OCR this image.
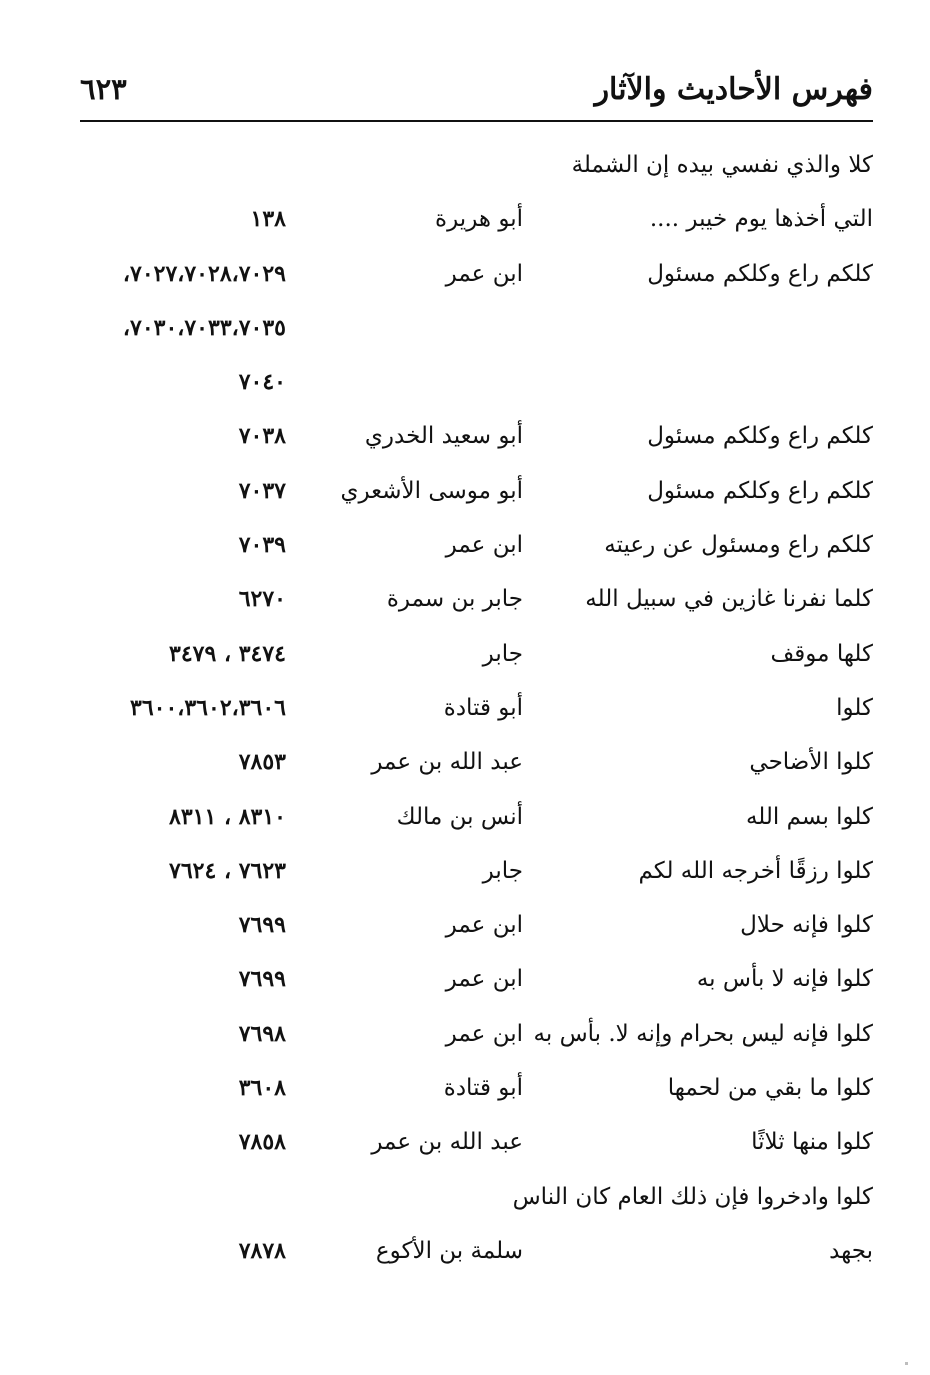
فهرس الأحاديث والآثار
٦٢٣
كلا والذي نفسي بيده إن الشملة
التي أخذها يوم خيبر ....
أبو هريرة
١٣٨
كلكم راع وكلكم مسئول
ابن عمر
٧٠٢٧،٧٠٢٨،٧٠٢٩،
٧٠٣٠،٧٠٣٣،٧٠٣٥،
٧٠٤٠
كلكم راع وكلكم مسئول
أبو سعيد الخدري
٧٠٣٨
كلكم راع وكلكم مسئول
أبو موسى الأشعري
٧٠٣٧
كلكم راع ومسئول عن رعيته
ابن عمر
٧٠٣٩
كلما نفرنا غازين في سبيل الله
جابر بن سمرة
٦٢٧٠
كلها موقف
جابر
٣٤٧٤ ، ٣٤٧٩
كلوا
أبو قتادة
٣٦٠٠،٣٦٠٢،٣٦٠٦
كلوا الأضاحي
عبد الله بن عمر
٧٨٥٣
كلوا بسم الله
أنس بن مالك
٨٣١٠ ، ٨٣١١
كلوا رزقًا أخرجه الله لكم
جابر
٧٦٢٣ ، ٧٦٢٤
كلوا فإنه حلال
ابن عمر
٧٦٩٩
كلوا فإنه لا بأس به
ابن عمر
٧٦٩٩
كلوا فإنه ليس بحرام وإنه لا. بأس به
ابن عمر
٧٦٩٨
كلوا ما بقي من لحمها
أبو قتادة
٣٦٠٨
كلوا منها ثلاثًا
عبد الله بن عمر
٧٨٥٨
كلوا وادخروا فإن ذلك العام كان الناس
بجهد
سلمة بن الأكوع
٧٨٧٨
